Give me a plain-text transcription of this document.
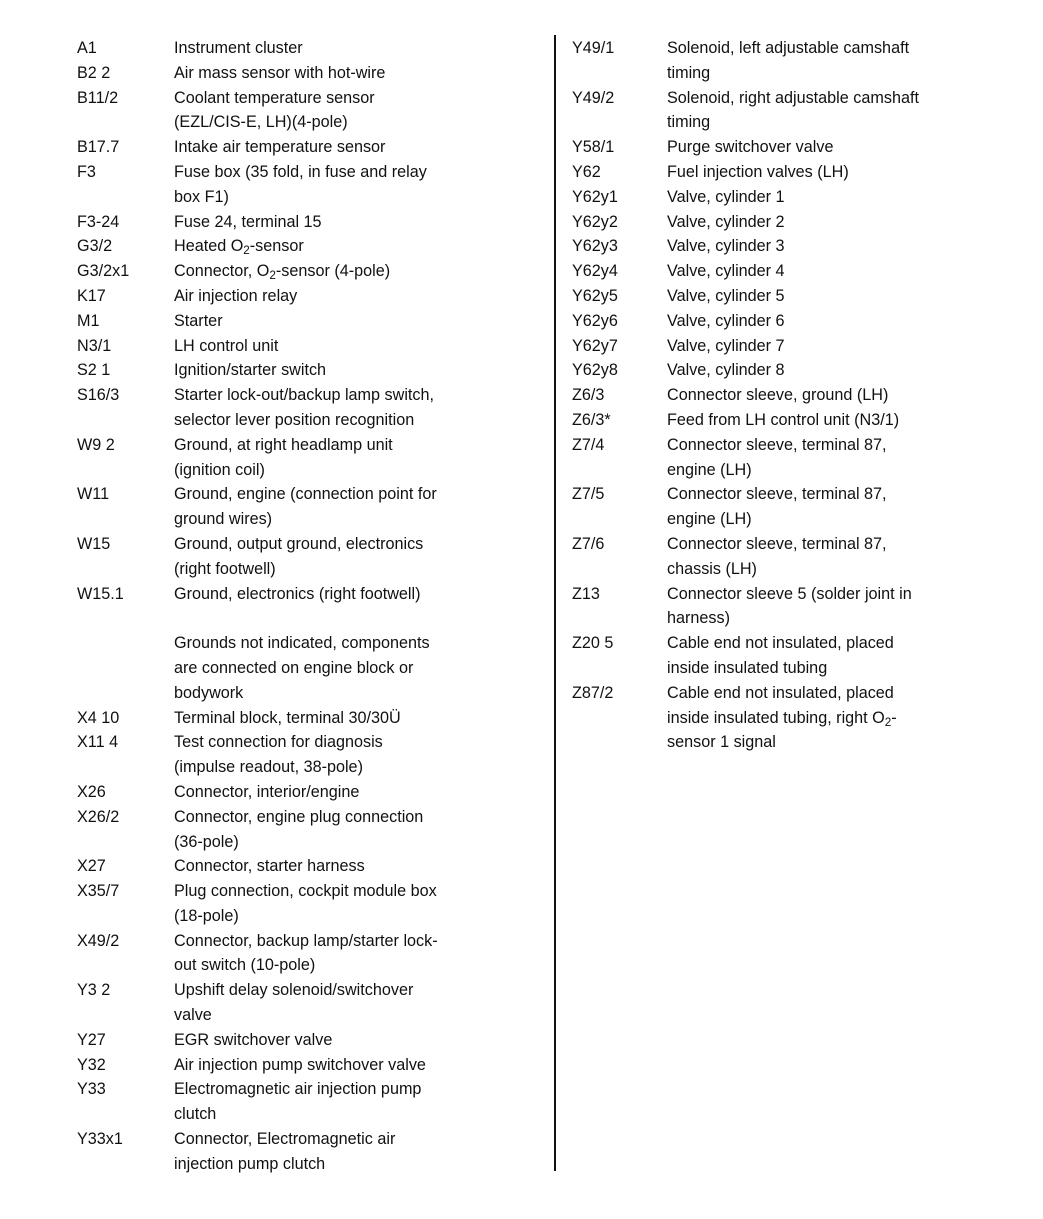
A1	Instrument cluster
B2 2	Air mass sensor with hot-wire
B11/2	Coolant temperature sensor
(EZL/CIS-E, LH)(4-pole)
B17.7	Intake air temperature sensor
F3	Fuse box (35 fold, in fuse and relay
box F1)
F3-24	Fuse 24, terminal 15
G3/2	Heated $O_2$-sensor
G3/2x1	Connector, $O_2$-sensor (4-pole)
K17	Air injection relay
M1	Starter
N3/1	LH control unit
S2 1	Ignition/starter switch
S16/3	Starter lock-out/backup lamp switch,
selector lever position recognition
W9 2	Ground, at right headlamp unit
(ignition coil)
W11	Ground, engine (connection point for
ground wires)
W15	Ground, output ground, electronics
(right footwell)
W15.1	Ground, electronics (right footwell)
Grounds not indicated, components
are connected on engine block or
bodywork
X4 10	Terminal block, terminal 30/30Ü
X11 4	Test connection for diagnosis
(impulse readout, 38-pole)
X26	Connector, interior/engine
X26/2	Connector, engine plug connection
(36-pole)
X27	Connector, starter harness
X35/7	Plug connection, cockpit module box
(18-pole)
X49/2	Connector, backup lamp/starter lock-
out switch (10-pole)
Y3 2	Upshift delay solenoid/switchover
valve
Y27	EGR switchover valve
Y32	Air injection pump switchover valve
Y33	Electromagnetic air injection pump
clutch
Y33x1	Connector, Electromagnetic air
injection pump clutch
Y49/1	Solenoid, left adjustable camshaft
timing
Y49/2	Solenoid, right adjustable camshaft
timing
Y58/1	Purge switchover valve
Y62	Fuel injection valves (LH)
Y62y1	Valve, cylinder 1
Y62y2	Valve, cylinder 2
Y62y3	Valve, cylinder 3
Y62y4	Valve, cylinder 4
Y62y5	Valve, cylinder 5
Y62y6	Valve, cylinder 6
Y62y7	Valve, cylinder 7
Y62y8	Valve, cylinder 8
Z6/3	Connector sleeve, ground (LH)
Z6/3*	Feed from LH control unit (N3/1)
Z7/4	Connector sleeve, terminal 87,
engine (LH)
Z7/5	Connector sleeve, terminal 87,
engine (LH)
Z7/6	Connector sleeve, terminal 87,
chassis (LH)
Z13	Connector sleeve 5 (solder joint in
harness)
Z20 5	Cable end not insulated, placed
inside insulated tubing
Z87/2	Cable end not insulated, placed
inside insulated tubing, right $O_2-$
sensor 1 signal
